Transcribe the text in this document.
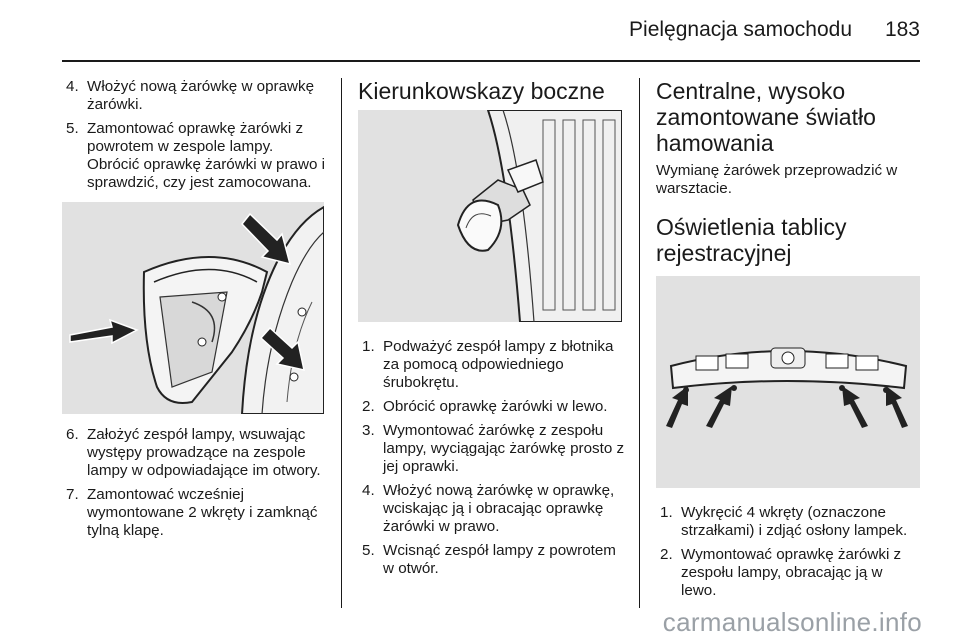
Pielęgnacja samochodu 183
4. Włożyć nową żarówkę w oprawkę żarówki.
5. Zamontować oprawkę żarówki z powrotem w zespole lampy. Obrócić oprawkę żarówki w prawo i sprawdzić, czy jest zamocowana.
6. Założyć zespół lampy, wsuwając występy prowadzące na zespole lampy w odpowiadające im otwory.
7. Zamontować wcześniej wymontowane 2 wkręty i zamknąć tylną klapę.
Kierunkowskazy boczne
1. Podważyć zespół lampy z błotnika za pomocą odpowiedniego śrubokrętu.
2. Obrócić oprawkę żarówki w lewo.
3. Wymontować żarówkę z zespołu lampy, wyciągając żarówkę prosto z jej oprawki.
4. Włożyć nową żarówkę w oprawkę, wciskając ją i obracając oprawkę żarówki w prawo.
5. Wcisnąć zespół lampy z powrotem w otwór.
Centralne, wysoko zamontowane światło hamowania

Wymianę żarówek przeprowadzić w warsztacie.

Oświetlenia tablicy rejestracyjnej
1. Wykręcić 4 wkręty (oznaczone strzałkami) i zdjąć osłony lampek.
2. Wymontować oprawkę żarówki z zespołu lampy, obracając ją w lewo.
carmanualsonline.info
